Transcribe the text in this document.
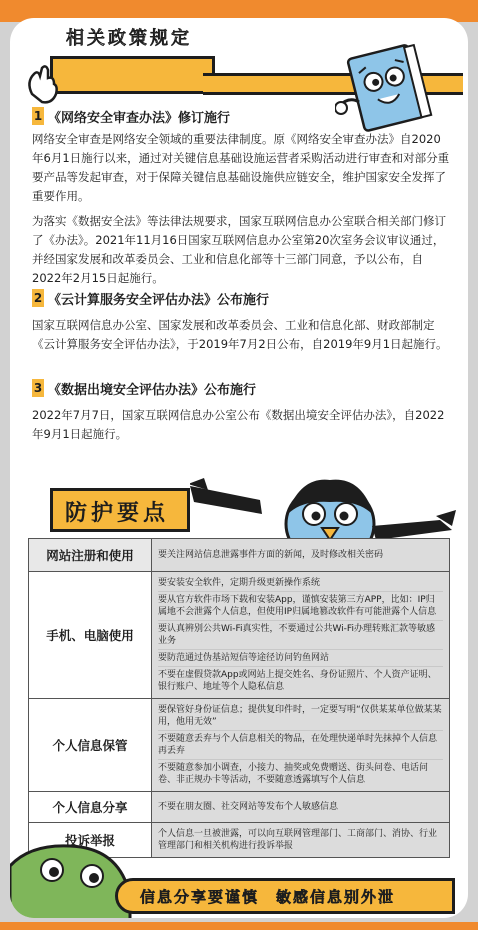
相关政策规定
1 《网络安全审查办法》修订施行
网络安全审查是网络安全领域的重要法律制度。原《网络安全审查办法》自2020年6月1日施行以来，通过对关键信息基础设施运营者采购活动进行审查和对部分重要产品等发起审查，对于保障关键信息基础设施供应链安全，维护国家安全发挥了重要作用。
为落实《数据安全法》等法律法规要求，国家互联网信息办公室联合相关部门修订了《办法》。2021年11月16日国家互联网信息办公室第20次室务会议审议通过，并经国家发展和改革委员会、工业和信息化部等十三部门同意，予以公布，自2022年2月15日起施行。
2 《云计算服务安全评估办法》公布施行
国家互联网信息办公室、国家发展和改革委员会、工业和信息化部、财政部制定《云计算服务安全评估办法》，于2019年7月2日公布，自2019年9月1日起施行。
3 《数据出境安全评估办法》公布施行
2022年7月7日，国家互联网信息办公室公布《数据出境安全评估办法》，自2022年9月1日起施行。
防护要点
网站注册和使用	要关注网站信息泄露事件方面的新闻，及时修改相关密码

手机、电脑使用	要安装安全软件，定期升级更新操作系统
要从官方软件市场下载和安装App，谨慎安装第三方APP，比如：IP归属地不会泄露个人信息，但使用IP归属地篡改软件有可能泄露个人信息
要认真辨别公共Wi-Fi真实性，不要通过公共Wi-Fi办理转账汇款等敏感业务
要防范通过伪基站短信等途径访问钓鱼网站
不要在虚假贷款App或网站上提交姓名、身份证照片、个人资产证明、银行账户、地址等个人隐私信息

个人信息保管	要保管好身份证信息；提供复印件时，一定要写明“仅供某某单位做某某用，他用无效”
不要随意丢弃与个人信息相关的物品，在处理快递单时先抹掉个人信息再丢弃
不要随意参加小调查，小接力、抽奖或免费赠送、街头问卷、电话问卷、非正规办卡等活动，不要随意透露填写个人信息

个人信息分享	不要在朋友圈、社交网站等发布个人敏感信息

投诉举报	个人信息一旦被泄露，可以向互联网管理部门、工商部门、消协、行业管理部门和相关机构进行投诉举报
信息分享要谨慎　敏感信息别外泄
